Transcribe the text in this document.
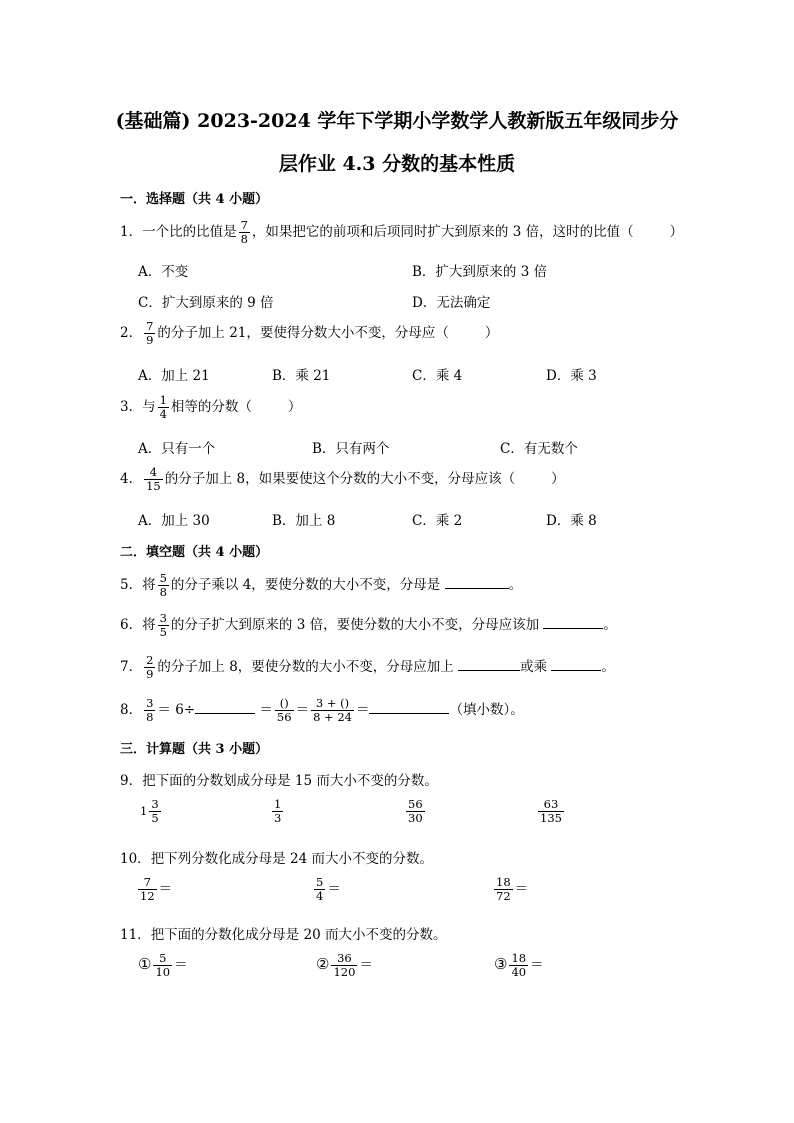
(基础篇) 2023-2024 学年下学期小学数学人教新版五年级同步分
层作业 4.3 分数的基本性质
一．选择题（共 4 小题）
1．一个比的比值是 $\frac{7}{8}$ ，如果把它的前项和后项同时扩大到原来的 3 倍，这时的比值（	）
A．不变	B．扩大到原来的 3 倍
C．扩大到原来的 9 倍	D．无法确定
2． $\frac{7}{9}$ 的分子加上 21，要使得分数大小不变，分母应（	）
A．加上 21	B．乘 21	C．乘 4	D．乘 3
3．与 $\frac{1}{4}$ 相等的分数（	）
A．只有一个	B．只有两个	C．有无数个
4． $\frac{4}{15}$ 的分子加上 8，如果要使这个分数的大小不变，分母应该（	）
A．加上 30	B．加上 8	C．乘 2	D．乘 8
二．填空题（共 4 小题）
5．将 $\frac{5}{8}$ 的分子乘以 4，要使分数的大小不变，分母是	。
6．将 $\frac{3}{5}$ 的分子扩大到原来的 3 倍，要使分数的大小不变，分母应该加	。
7． $\frac{2}{9}$ 的分子加上 8，要使分数的大小不变，分母应加上	或乘	。
8． $\frac{3}{8} = 6\div$	＝ $\frac{()}{56} = \frac{3 + ()}{8 + 24}$ ＝	（填小数）。
三．计算题（共 3 小题）
9．把下面的分数划成分母是 15 而大小不变的分数。
$1 \frac{3}{5}$	$\frac{1}{3}$	$\frac{56}{30}$	$\frac{63}{135}$
10．把下列分数化成分母是 24 而大小不变的分数。
$\frac{7}{12}$ ＝	$\frac{5}{4}$ ＝	$\frac{18}{72}$ ＝
11．把下面的分数化成分母是 20 而大小不变的分数。
① $\frac{5}{10}$ ＝	② $\frac{36}{120}$ ＝	③ $\frac{18}{40}$ ＝
